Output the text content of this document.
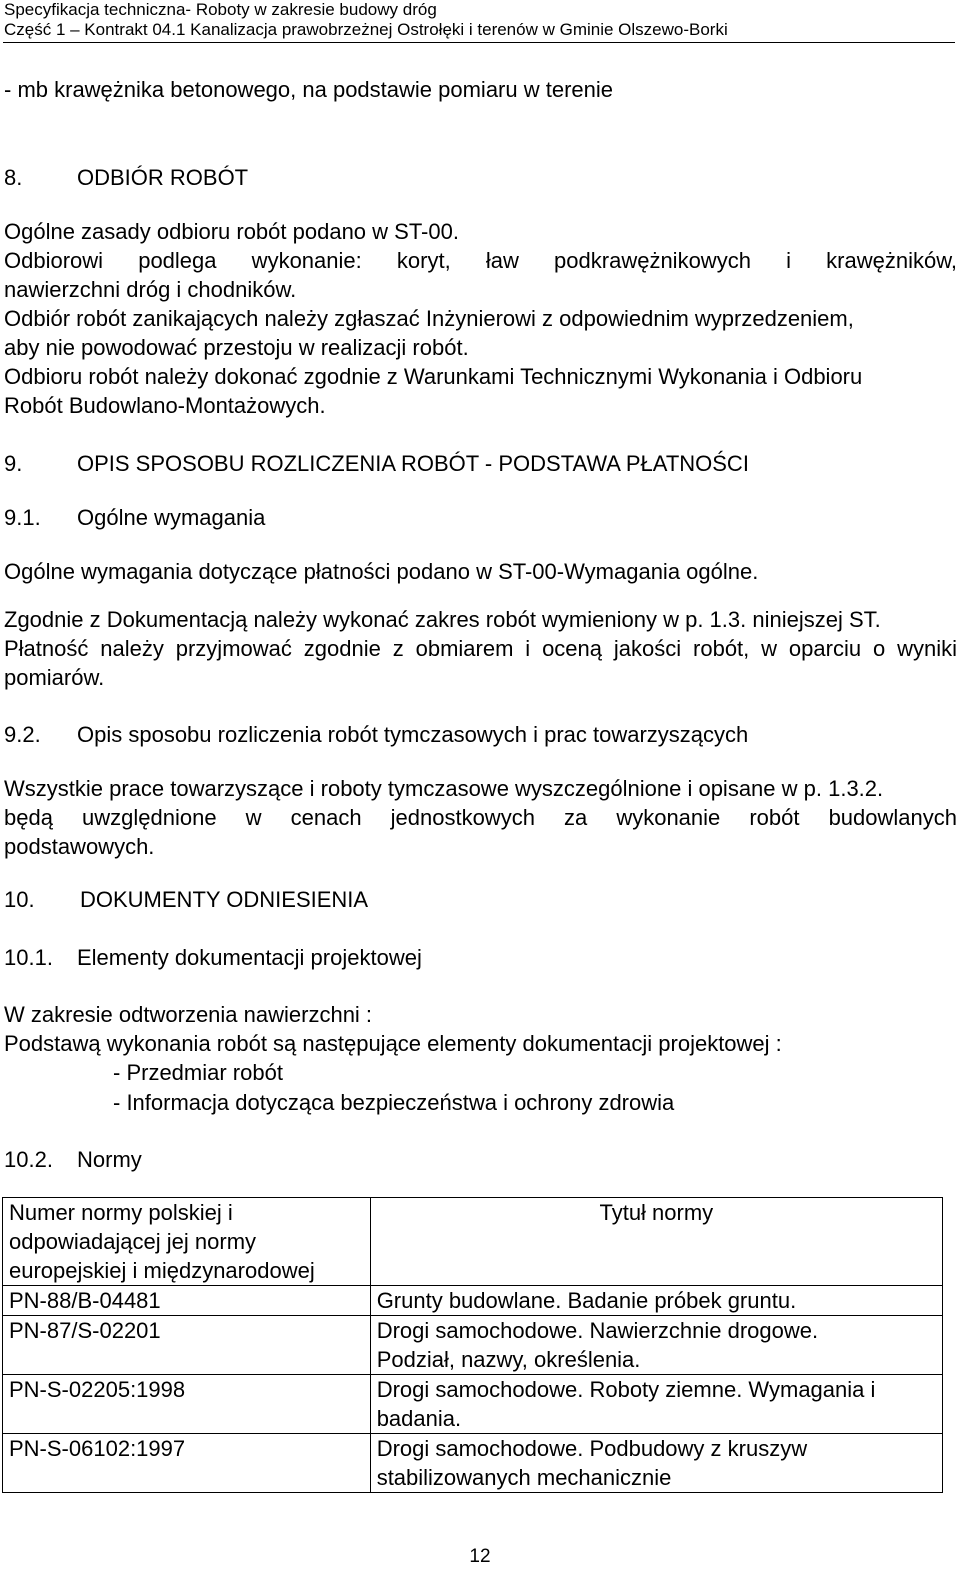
Specyfikacja techniczna- Roboty w zakresie budowy dróg
Część 1 – Kontrakt 04.1 Kanalizacja prawobrzeżnej Ostrołęki i terenów w Gminie Olszewo-Borki
- mb krawężnika betonowego, na podstawie pomiaru w terenie
8. ODBIÓR ROBÓT
Ogólne zasady odbioru robót podano w ST-00.
Odbiorowi podlega wykonanie: koryt, ław podkrawężnikowych i krawężników,
nawierzchni dróg i chodników.
Odbiór robót zanikających należy zgłaszać Inżynierowi z odpowiednim wyprzedzeniem,
aby nie powodować przestoju w realizacji robót.
Odbioru robót należy dokonać zgodnie z Warunkami Technicznymi Wykonania i Odbioru
Robót Budowlano-Montażowych.
9. OPIS SPOSOBU ROZLICZENIA ROBÓT - PODSTAWA PŁATNOŚCI
9.1. Ogólne wymagania
Ogólne wymagania dotyczące płatności podano w ST-00-Wymagania ogólne.
Zgodnie z Dokumentacją należy wykonać zakres robót wymieniony w p. 1.3. niniejszej ST.
Płatność należy przyjmować zgodnie z obmiarem i oceną jakości robót, w oparciu o wyniki
pomiarów.
9.2. Opis sposobu rozliczenia robót tymczasowych i prac towarzyszących
Wszystkie prace towarzyszące i roboty tymczasowe wyszczególnione i opisane w p. 1.3.2.
będą uwzględnione w cenach jednostkowych za wykonanie robót budowlanych
podstawowych.
10. DOKUMENTY ODNIESIENIA
10.1. Elementy dokumentacji projektowej
W zakresie odtworzenia nawierzchni :
Podstawą wykonania robót są następujące elementy dokumentacji projektowej :
- Przedmiar robót
- Informacja dotycząca bezpieczeństwa i ochrony zdrowia
10.2. Normy
Numer normy polskiej i
odpowiadającej jej normy
europejskiej i międzynarodowej	Tytuł normy
PN-88/B-04481	Grunty budowlane. Badanie próbek gruntu.

PN-87/S-02201	Drogi samochodowe. Nawierzchnie drogowe.
Podział, nazwy, określenia.

PN-S-02205:1998	Drogi samochodowe. Roboty ziemne. Wymagania i
badania.

PN-S-06102:1997	Drogi samochodowe. Podbudowy z kruszyw
stabilizowanych mechanicznie
12
